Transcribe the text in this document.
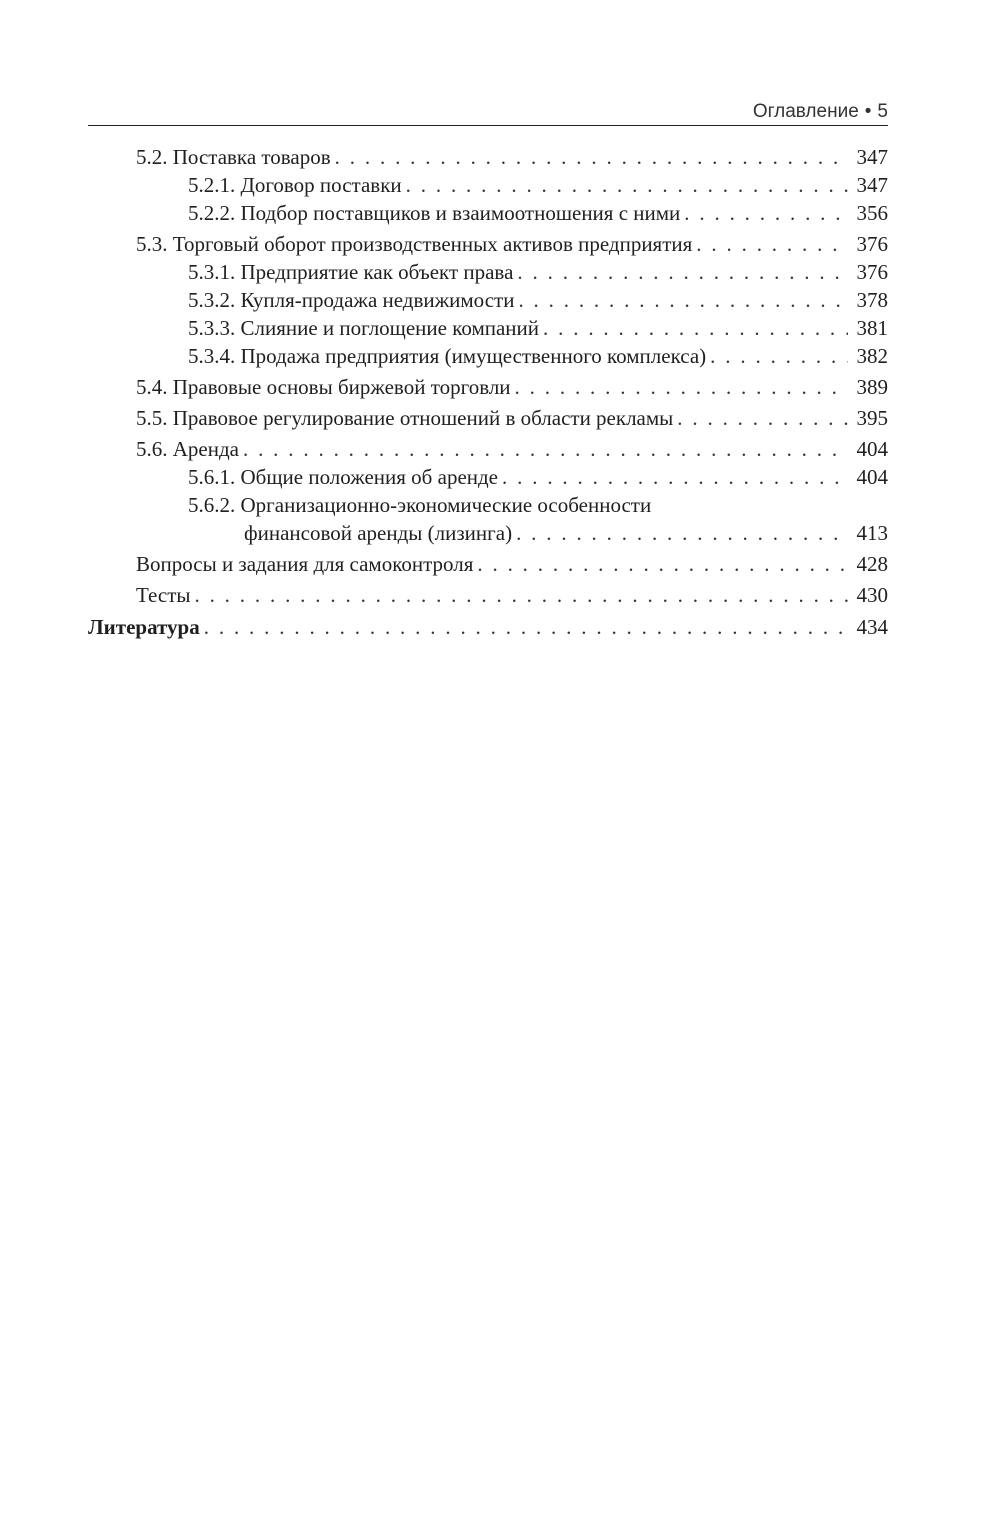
Оглавление • 5
5.2. Поставка товаров . . .	347
5.2.1. Договор поставки . . .	347
5.2.2. Подбор поставщиков и взаимоотношения с ними . . .	356
5.3. Торговый оборот производственных активов предприятия . . .	376
5.3.1. Предприятие как объект права . . .	376
5.3.2. Купля-продажа недвижимости . . .	378
5.3.3. Слияние и поглощение компаний . . .	381
5.3.4. Продажа предприятия (имущественного комплекса) . . .	382
5.4. Правовые основы биржевой торговли . . .	389
5.5. Правовое регулирование отношений в области рекламы . . .	395
5.6. Аренда . . .	404
5.6.1. Общие положения об аренде . . .	404
5.6.2. Организационно-экономические особенности
финансовой аренды (лизинга) . . .	413
Вопросы и задания для самоконтроля . . .	428
Тесты . . .	430
Литература . . .	434
